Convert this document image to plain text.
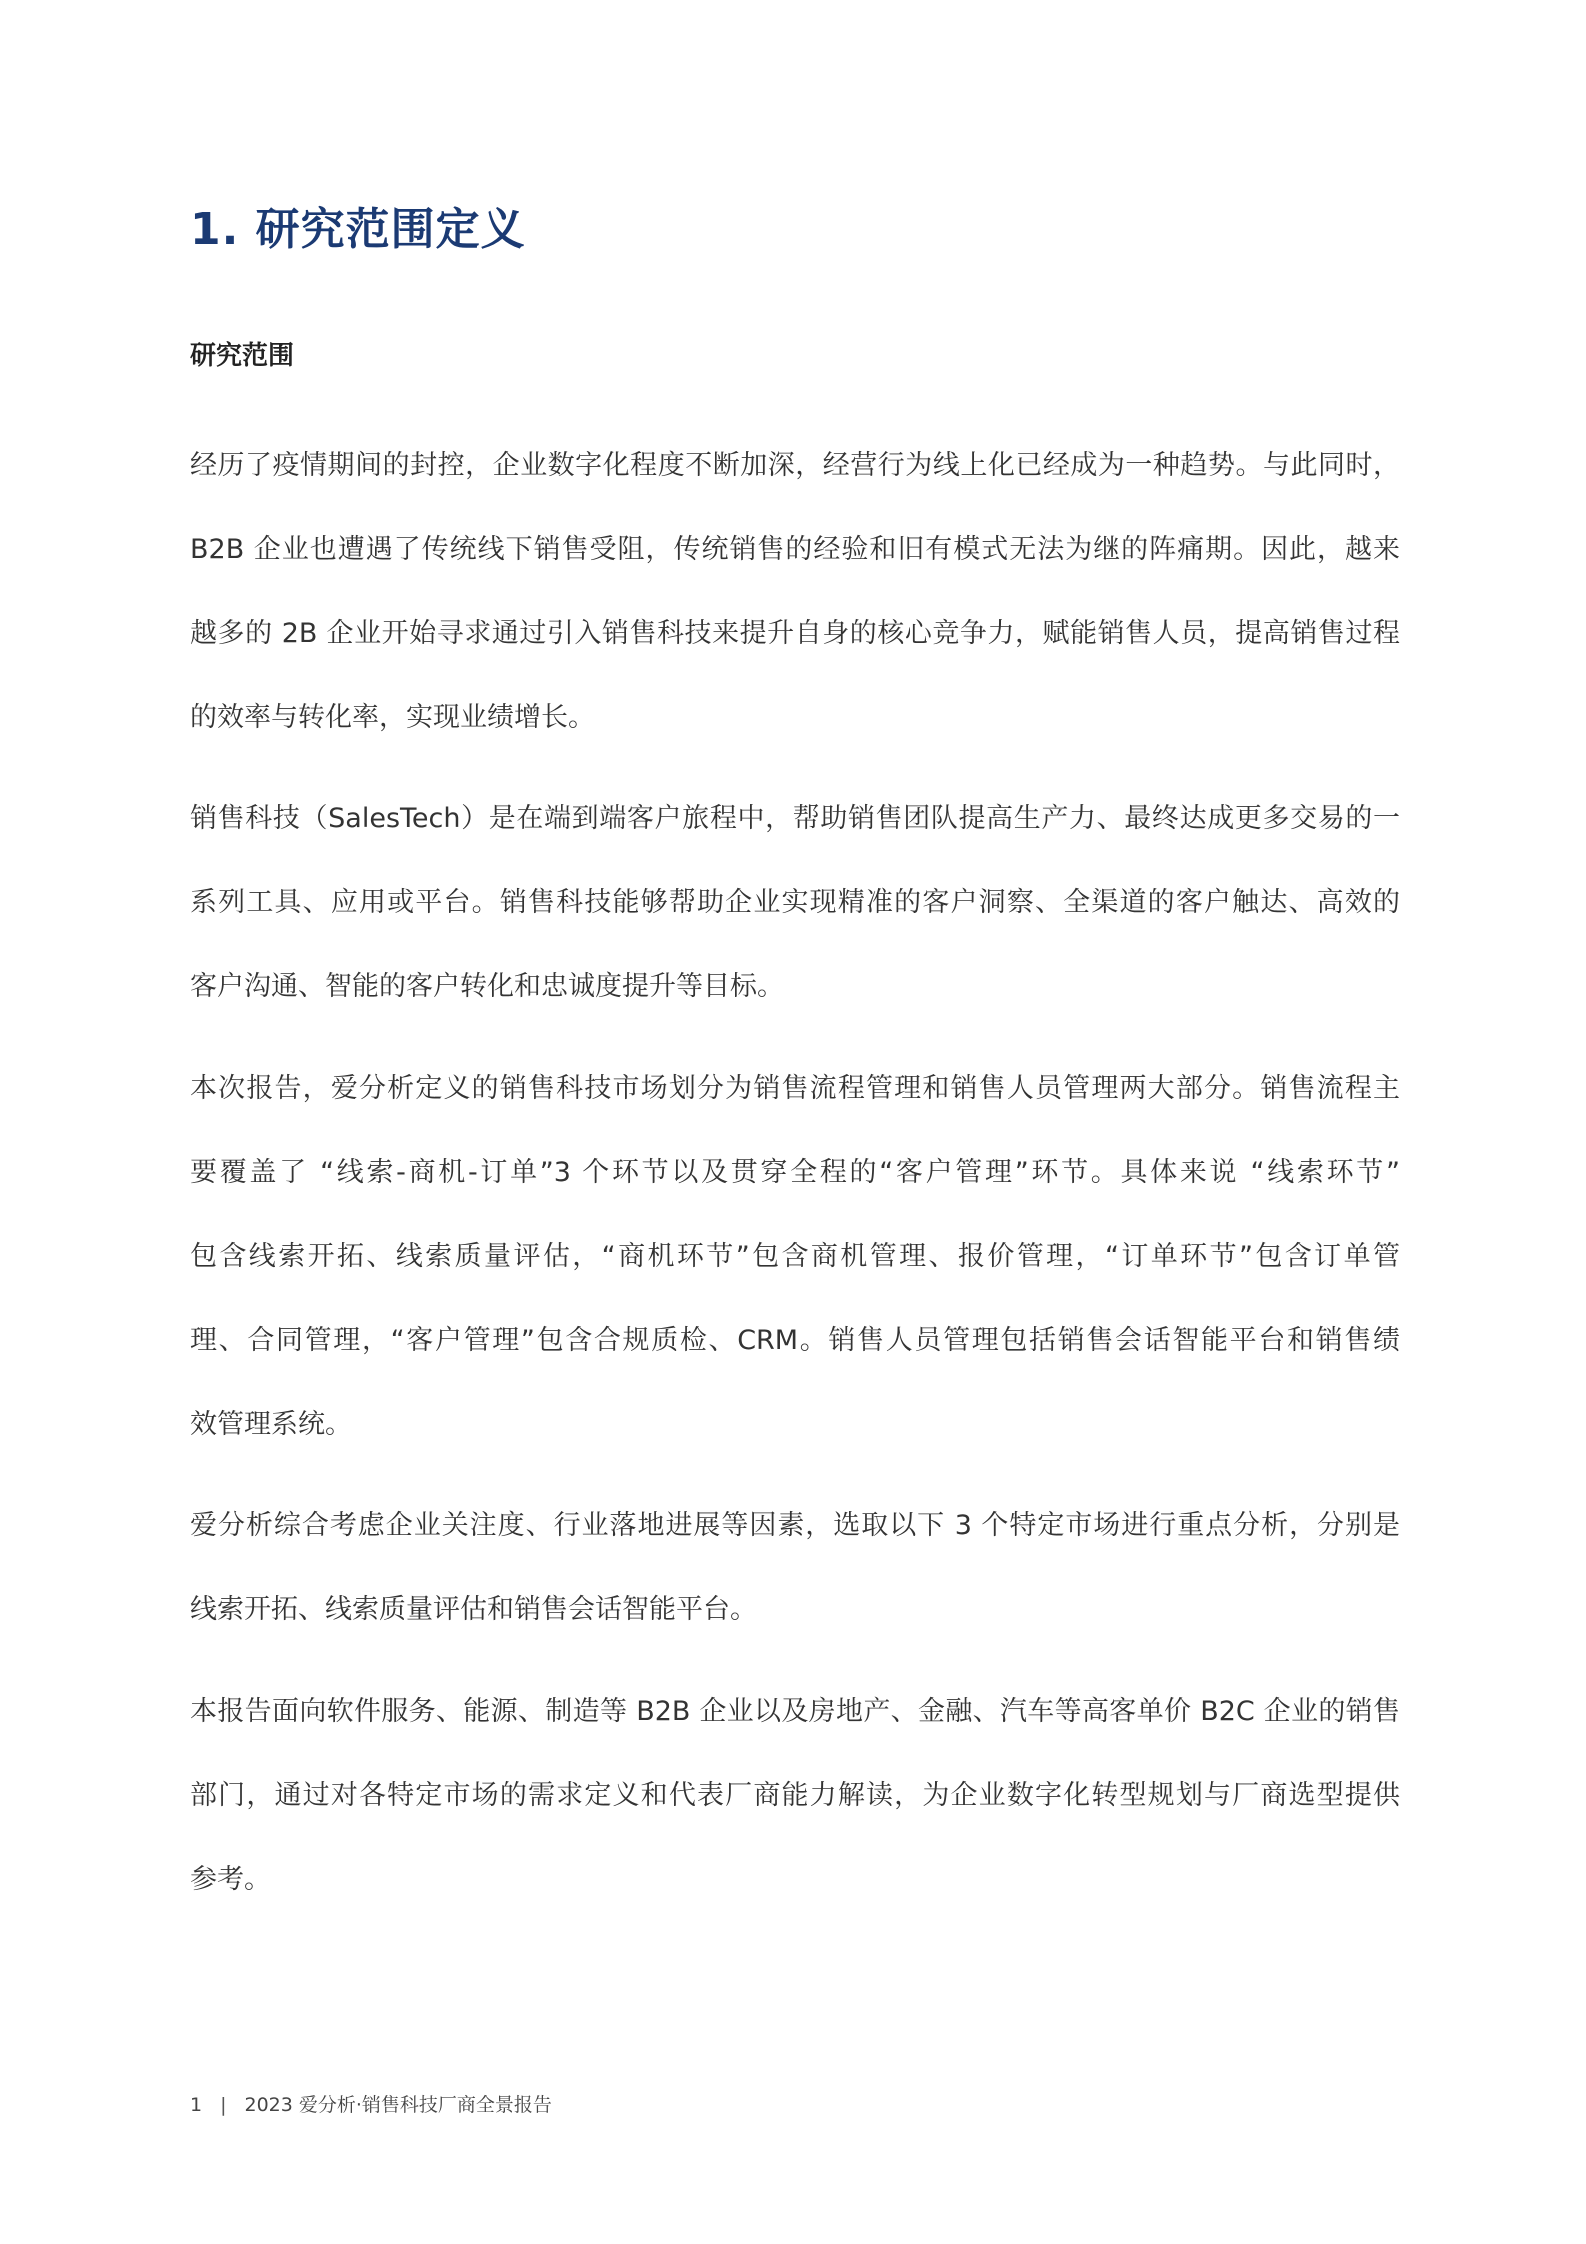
1. 研究范围定义
研究范围
经历了疫情期间的封控，企业数字化程度不断加深，经营行为线上化已经成为一种趋势。与此同时，
B2B 企业也遭遇了传统线下销售受阻，传统销售的经验和旧有模式无法为继的阵痛期。因此，越来
越多的 2B 企业开始寻求通过引入销售科技来提升自身的核心竞争力，赋能销售人员，提高销售过程
的效率与转化率，实现业绩增长。
销售科技（SalesTech）是在端到端客户旅程中，帮助销售团队提高生产力、最终达成更多交易的一
系列工具、应用或平台。销售科技能够帮助企业实现精准的客户洞察、全渠道的客户触达、高效的
客户沟通、智能的客户转化和忠诚度提升等目标。
本次报告，爱分析定义的销售科技市场划分为销售流程管理和销售人员管理两大部分。销售流程主
要覆盖了 “线索-商机-订单”3 个环节以及贯穿全程的“客户管理”环节。具体来说 “线索环节”
包含线索开拓、线索质量评估，“商机环节”包含商机管理、报价管理，“订单环节”包含订单管
理、合同管理，“客户管理”包含合规质检、CRM。销售人员管理包括销售会话智能平台和销售绩
效管理系统。
爱分析综合考虑企业关注度、行业落地进展等因素，选取以下 3 个特定市场进行重点分析，分别是
线索开拓、线索质量评估和销售会话智能平台。
本报告面向软件服务、能源、制造等 B2B 企业以及房地产、金融、汽车等高客单价 B2C 企业的销售
部门，通过对各特定市场的需求定义和代表厂商能力解读，为企业数字化转型规划与厂商选型提供
参考。
1 | 2023 爱分析·销售科技厂商全景报告
